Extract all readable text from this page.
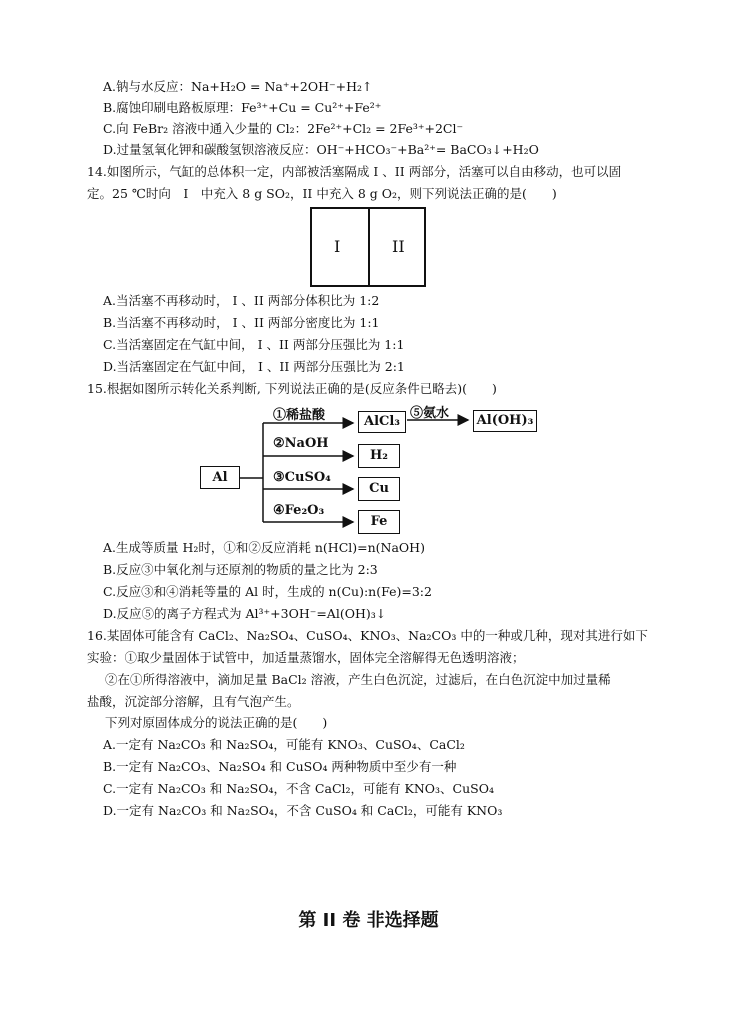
A.钠与水反应：Na+H₂O = Na⁺+2OH⁻+H₂↑
B.腐蚀印刷电路板原理：Fe³⁺+Cu = Cu²⁺+Fe²⁺
C.向 FeBr₂ 溶液中通入少量的 Cl₂：2Fe²⁺+Cl₂ = 2Fe³⁺+2Cl⁻
D.过量氢氧化钾和碳酸氢钡溶液反应：OH⁻+HCO₃⁻+Ba²⁺= BaCO₃↓+H₂O
14.如图所示，气缸的总体积一定，内部被活塞隔成 I 、II 两部分，活塞可以自由移动，也可以固
定。25 ℃时向　I　中充入 8 g SO₂，II 中充入 8 g O₂，则下列说法正确的是(　　)
I	II
A.当活塞不再移动时， I 、II 两部分体积比为 1:2
B.当活塞不再移动时， I 、II 两部分密度比为 1:1
C.当活塞固定在气缸中间， I 、II 两部分压强比为 1:1
D.当活塞固定在气缸中间， I 、II 两部分压强比为 2:1
15.根据如图所示转化关系判断, 下列说法正确的是(反应条件已略去)(　　)
Al
①稀盐酸	AlCl₃
⑤氨水 Al(OH)₃
②NaOH
H₂
③CuSO₄
Cu
④Fe₂O₃
Fe
A.生成等质量 H₂时，①和②反应消耗 n(HCl)=n(NaOH)
B.反应③中氧化剂与还原剂的物质的量之比为 2:3
C.反应③和④消耗等量的 Al 时，生成的 n(Cu):n(Fe)=3:2
D.反应⑤的离子方程式为 Al³⁺+3OH⁻=Al(OH)₃↓
16.某固体可能含有 CaCl₂、Na₂SO₄、CuSO₄、KNO₃、Na₂CO₃ 中的一种或几种，现对其进行如下
实验：①取少量固体于试管中，加适量蒸馏水，固体完全溶解得无色透明溶液；
②在①所得溶液中，滴加足量 BaCl₂ 溶液，产生白色沉淀，过滤后，在白色沉淀中加过量稀
盐酸，沉淀部分溶解，且有气泡产生。
下列对原固体成分的说法正确的是(　　)
A.一定有 Na₂CO₃ 和 Na₂SO₄，可能有 KNO₃、CuSO₄、CaCl₂
B.一定有 Na₂CO₃、Na₂SO₄ 和 CuSO₄ 两种物质中至少有一种
C.一定有 Na₂CO₃ 和 Na₂SO₄，不含 CaCl₂，可能有 KNO₃、CuSO₄
D.一定有 Na₂CO₃ 和 Na₂SO₄，不含 CuSO₄ 和 CaCl₂，可能有 KNO₃
第 II 卷 非选择题
